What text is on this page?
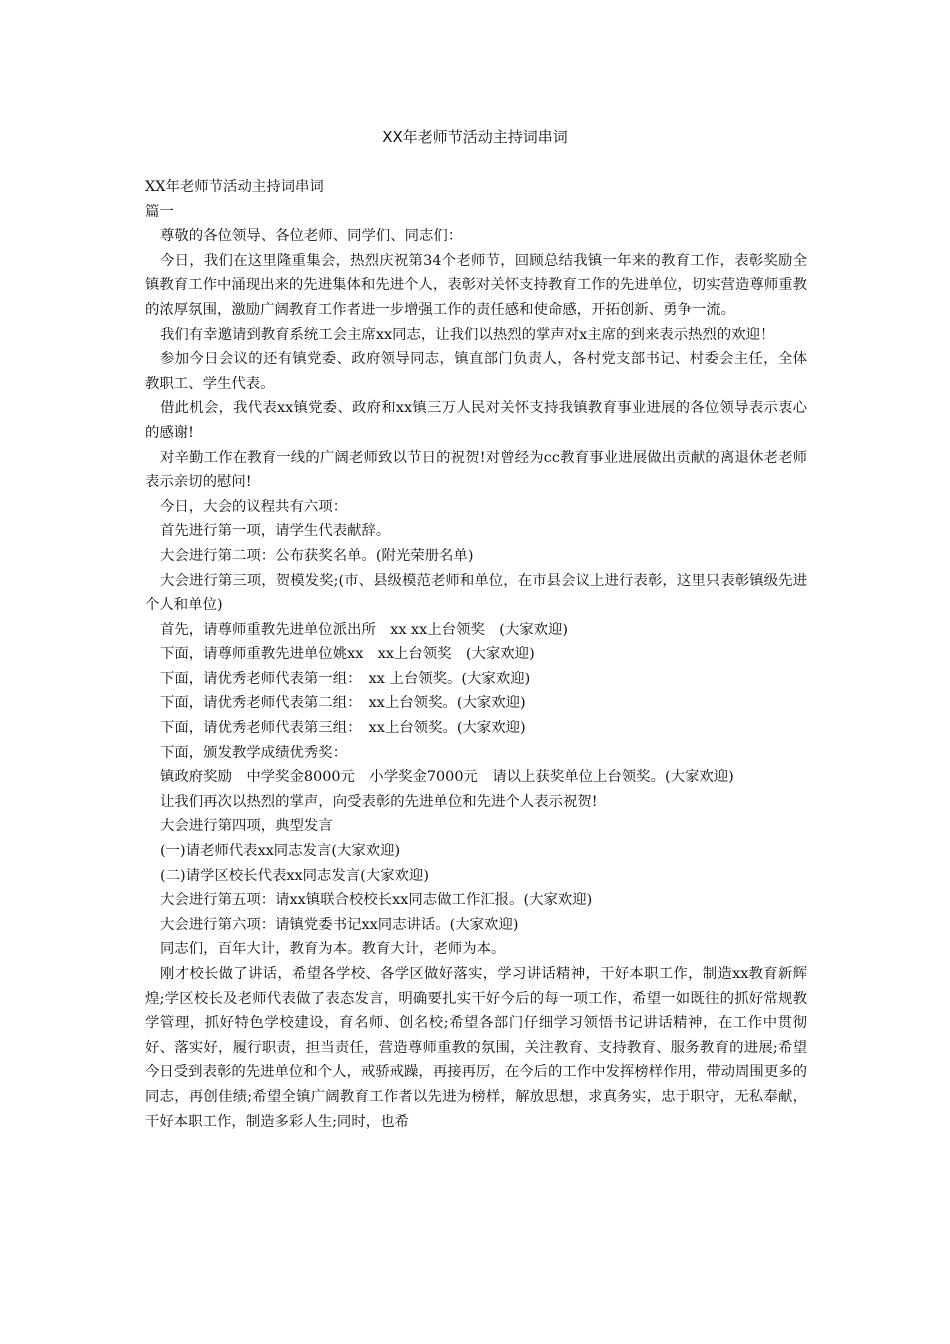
XX年老师节活动主持词串词

XX年老师节活动主持词串词

篇一

尊敬的各位领导、各位老师、同学们、同志们：

今日，我们在这里隆重集会，热烈庆祝第34个老师节，回顾总结我镇一年来的教育工作，表彰奖励全镇教育工作中涌现出来的先进集体和先进个人，表彰对关怀支持教育工作的先进单位，切实营造尊师重教的浓厚氛围，激励广阔教育工作者进一步增强工作的责任感和使命感，开拓创新、勇争一流。

我们有幸邀请到教育系统工会主席xx同志，让我们以热烈的掌声对x主席的到来表示热烈的欢迎！

参加今日会议的还有镇党委、政府领导同志，镇直部门负责人，各村党支部书记、村委会主任，全体教职工、学生代表。

借此机会，我代表xx镇党委、政府和xx镇三万人民对关怀支持我镇教育事业进展的各位领导表示衷心的感谢!

对辛勤工作在教育一线的广阔老师致以节日的祝贺!对曾经为cc教育事业进展做出贡献的离退休老老师表示亲切的慰问!

今日，大会的议程共有六项：

首先进行第一项，请学生代表献辞。

大会进行第二项：公布获奖名单。(附光荣册名单)

大会进行第三项，贺模发奖;(市、县级模范老师和单位，在市县会议上进行表彰，这里只表彰镇级先进个人和单位)

首先，请尊师重教先进单位派出所　xx xx上台领奖　(大家欢迎)

下面，请尊师重教先进单位姚xx　xx上台领奖　(大家欢迎)

下面，请优秀老师代表第一组：　xx 上台领奖。(大家欢迎)

下面，请优秀老师代表第二组：　xx上台领奖。(大家欢迎)

下面，请优秀老师代表第三组：　xx上台领奖。(大家欢迎)

下面，颁发教学成绩优秀奖：

镇政府奖励　中学奖金8000元　小学奖金7000元　请以上获奖单位上台领奖。(大家欢迎)

让我们再次以热烈的掌声，向受表彰的先进单位和先进个人表示祝贺!

大会进行第四项，典型发言

(一)请老师代表xx同志发言(大家欢迎)

(二)请学区校长代表xx同志发言(大家欢迎)

大会进行第五项：请xx镇联合校校长xx同志做工作汇报。(大家欢迎)

大会进行第六项：请镇党委书记xx同志讲话。(大家欢迎)

同志们，百年大计，教育为本。教育大计，老师为本。

刚才校长做了讲话，希望各学校、各学区做好落实，学习讲话精神，干好本职工作，制造xx教育新辉煌;学区校长及老师代表做了表态发言，明确要扎实干好今后的每一项工作，希望一如既往的抓好常规教学管理，抓好特色学校建设，育名师、创名校;希望各部门仔细学习领悟书记讲话精神，在工作中贯彻好、落实好，履行职责，担当责任，营造尊师重教的氛围，关注教育、支持教育、服务教育的进展;希望今日受到表彰的先进单位和个人，戒骄戒躁，再接再厉，在今后的工作中发挥榜样作用，带动周围更多的同志，再创佳绩;希望全镇广阔教育工作者以先进为榜样，解放思想，求真务实，忠于职守，无私奉献，干好本职工作，制造多彩人生;同时，也希
